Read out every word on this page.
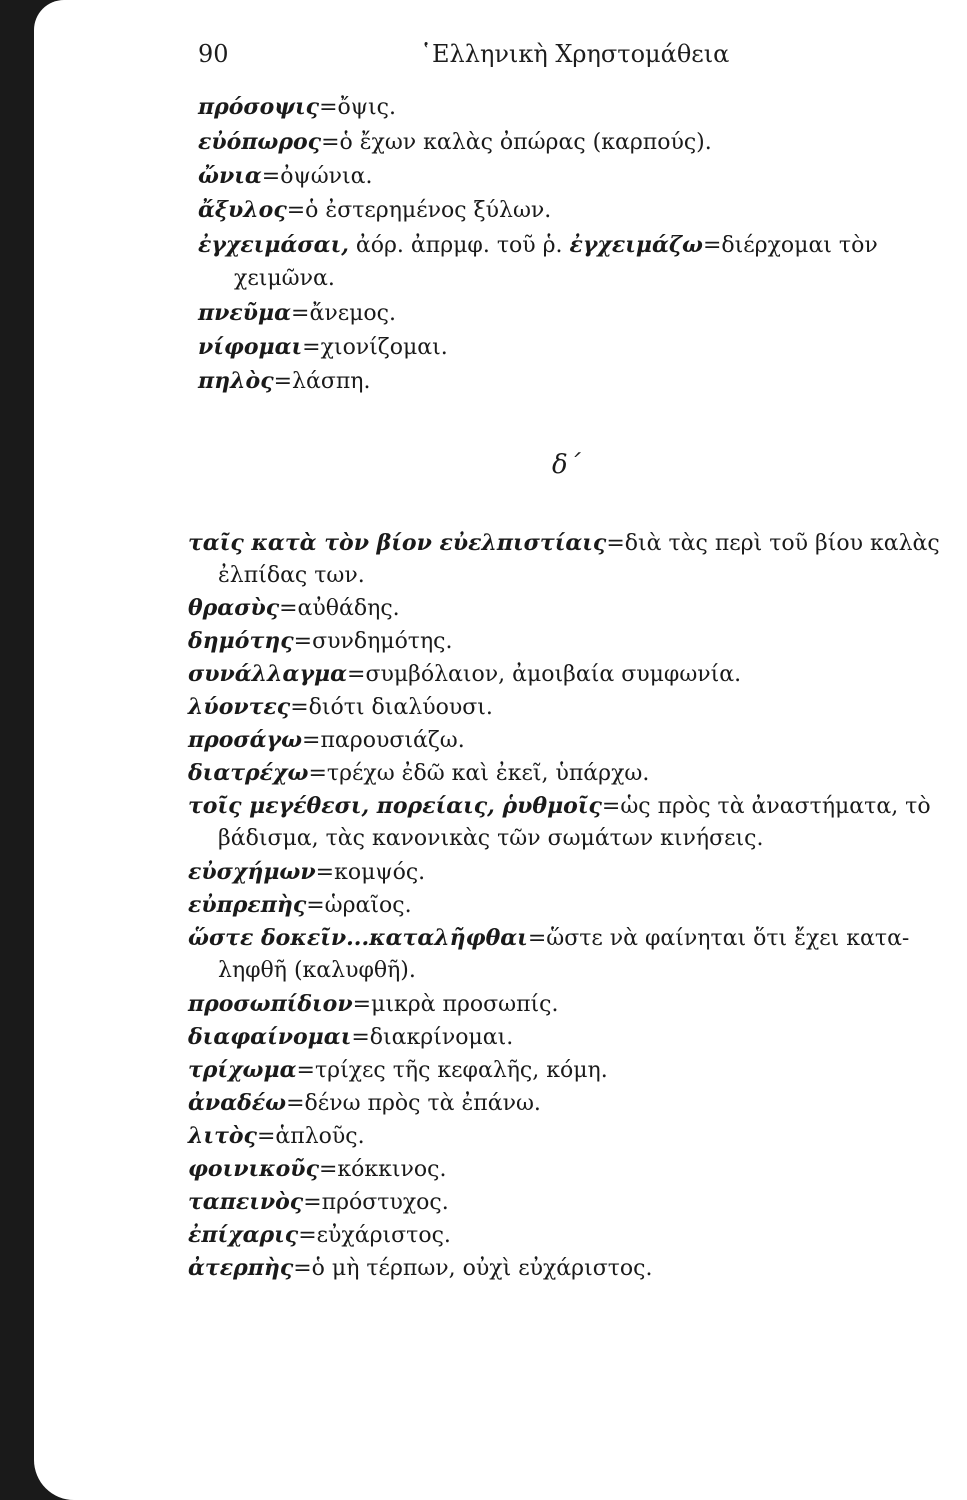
90	῾Ελληνικὴ Χρηστομάθεια
πρόσοψις=ὄψις.
εὐόπωρος=ὁ ἔχων καλὰς ὀπώρας (καρπούς).
ὤνια=ὀψώνια.
ἄξυλος=ὁ ἐστερημένος ξύλων.
ἐγχειμάσαι, ἀόρ. ἀπρμφ. τοῦ ῥ. ἐγχειμάζω=διέρχομαι τὸν
χειμῶνα.
πνεῦμα=ἄνεμος.
νίφομαι=χιονίζομαι.
πηλὸς=λάσπη.
δ΄
ταῖς κατὰ τὸν βίον εὐελπιστίαις=διὰ τὰς περὶ τοῦ βίου καλὰς
ἐλπίδας των.
θρασὺς=αὐθάδης.
δημότης=συνδημότης.
συνάλλαγμα=συμβόλαιον, ἀμοιβαία συμφωνία.
λύοντες=διότι διαλύουσι.
προσάγω=παρουσιάζω.
διατρέχω=τρέχω ἐδῶ καὶ ἐκεῖ, ὑπάρχω.
τοῖς μεγέθεσι, πορείαις, ῥυθμοῖς=ὡς πρὸς τὰ ἀναστήματα, τὸ
βάδισμα, τὰς κανονικὰς τῶν σωμάτων κινήσεις.
εὐσχήμων=κομψός.
εὐπρεπὴς=ὡραῖος.
ὥστε δοκεῖν...καταλῆφθαι=ὥστε νὰ φαίνηται ὅτι ἔχει κατα-
ληφθῆ (καλυφθῆ).
προσωπίδιον=μικρὰ προσωπίς.
διαφαίνομαι=διακρίνομαι.
τρίχωμα=τρίχες τῆς κεφαλῆς, κόμη.
ἀναδέω=δένω πρὸς τὰ ἐπάνω.
λιτὸς=ἁπλοῦς.
φοινικοῦς=κόκκινος.
ταπεινὸς=πρόστυχος.
ἐπίχαρις=εὐχάριστος.
ἀτερπὴς=ὁ μὴ τέρπων, οὐχὶ εὐχάριστος.
